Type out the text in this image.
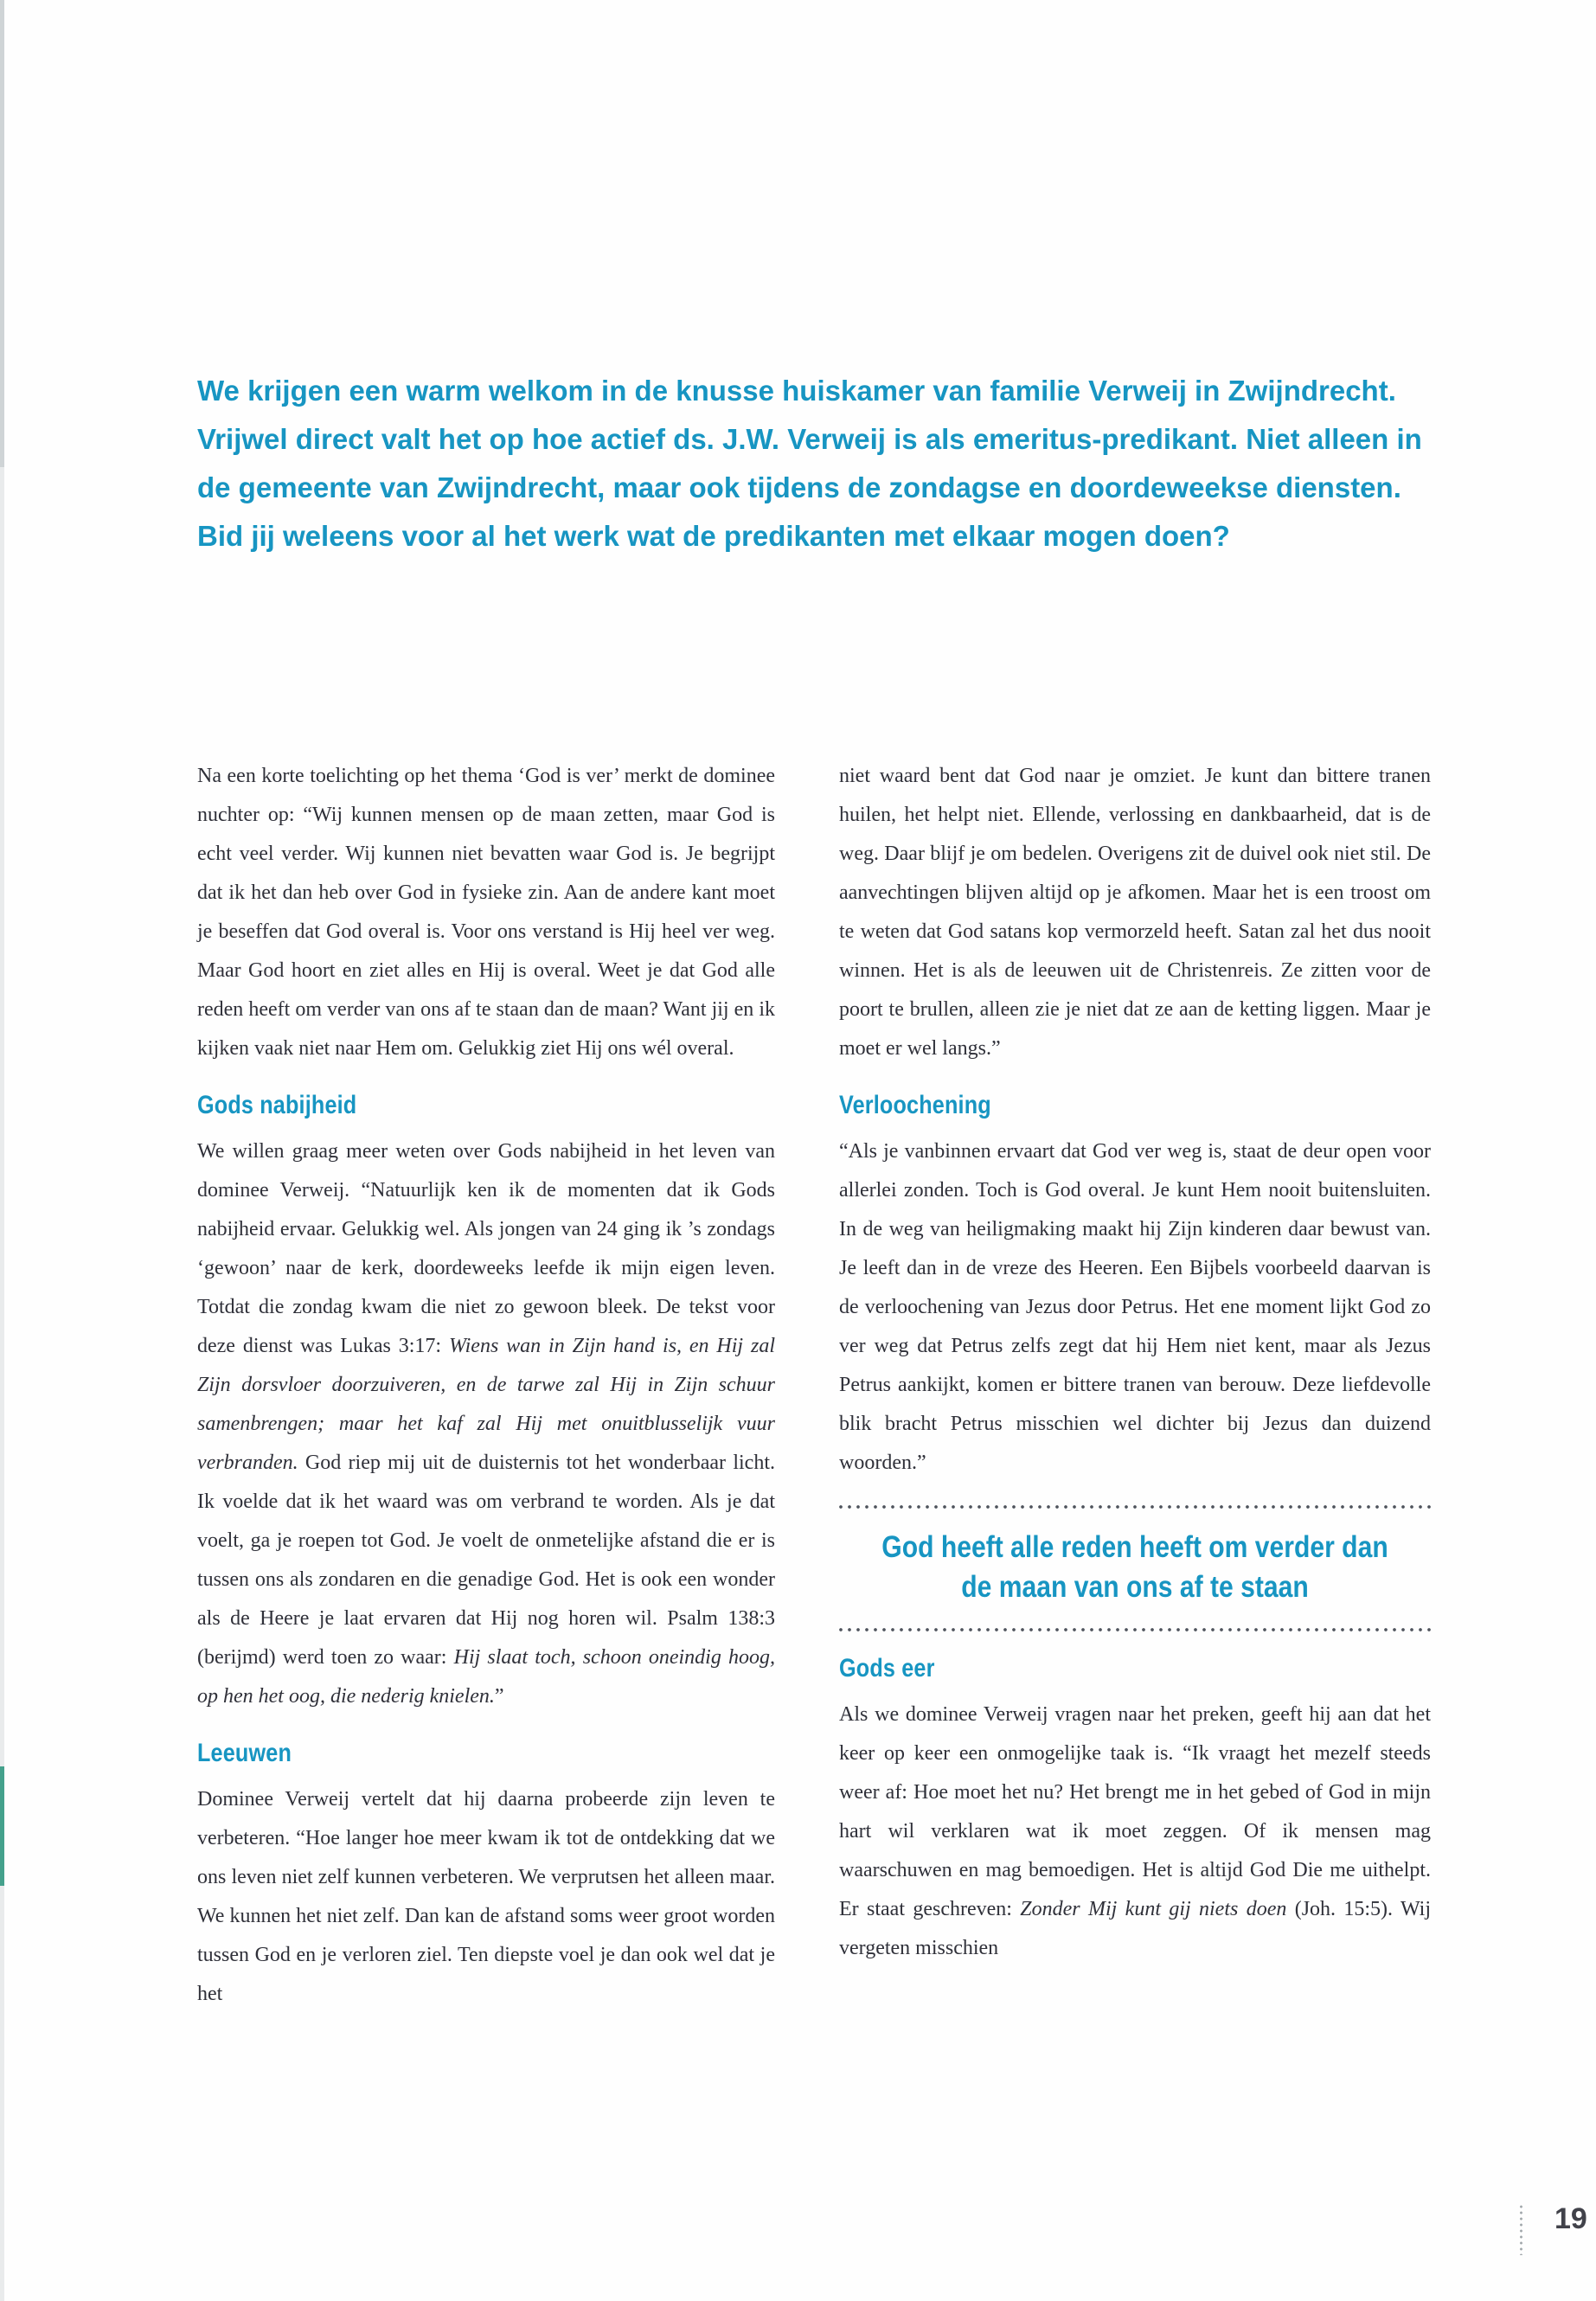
We krijgen een warm welkom in de knusse huiskamer van familie Verweij in Zwijndrecht. Vrijwel direct valt het op hoe actief ds. J.W. Verweij is als emeritus-predikant. Niet alleen in de gemeente van Zwijndrecht, maar ook tijdens de zondagse en doordeweekse diensten. Bid jij weleens voor al het werk wat de predikanten met elkaar mogen doen?

Na een korte toelichting op het thema ‘God is ver’ merkt de dominee nuchter op: “Wij kunnen mensen op de maan zetten, maar God is echt veel verder. Wij kunnen niet bevatten waar God is. Je begrijpt dat ik het dan heb over God in fysieke zin. Aan de andere kant moet je beseffen dat God overal is. Voor ons verstand is Hij heel ver weg. Maar God hoort en ziet alles en Hij is overal. Weet je dat God alle reden heeft om verder van ons af te staan dan de maan? Want jij en ik kijken vaak niet naar Hem om. Gelukkig ziet Hij ons wél overal.

Gods nabijheid

We willen graag meer weten over Gods nabijheid in het leven van dominee Verweij. “Natuurlijk ken ik de momenten dat ik Gods nabijheid ervaar. Gelukkig wel. Als jongen van 24 ging ik ’s zondags ‘gewoon’ naar de kerk, doordeweeks leefde ik mijn eigen leven. Totdat die zondag kwam die niet zo gewoon bleek. De tekst voor deze dienst was Lukas 3:17: Wiens wan in Zijn hand is, en Hij zal Zijn dorsvloer doorzuiveren, en de tarwe zal Hij in Zijn schuur samenbrengen; maar het kaf zal Hij met onuitblusselijk vuur verbranden. God riep mij uit de duisternis tot het wonderbaar licht. Ik voelde dat ik het waard was om verbrand te worden. Als je dat voelt, ga je roepen tot God. Je voelt de onmetelijke afstand die er is tussen ons als zondaren en die genadige God. Het is ook een wonder als de Heere je laat ervaren dat Hij nog horen wil. Psalm 138:3 (berijmd) werd toen zo waar: Hij slaat toch, schoon oneindig hoog, op hen het oog, die nederig knielen.”

Leeuwen

Dominee Verweij vertelt dat hij daarna probeerde zijn leven te verbeteren. “Hoe langer hoe meer kwam ik tot de ontdekking dat we ons leven niet zelf kunnen verbeteren. We verprutsen het alleen maar. We kunnen het niet zelf. Dan kan de afstand soms weer groot worden tussen God en je verloren ziel. Ten diepste voel je dan ook wel dat je het

niet waard bent dat God naar je omziet. Je kunt dan bittere tranen huilen, het helpt niet. Ellende, verlossing en dankbaarheid, dat is de weg. Daar blijf je om bedelen. Overigens zit de duivel ook niet stil. De aanvechtingen blijven altijd op je afkomen. Maar het is een troost om te weten dat God satans kop vermorzeld heeft. Satan zal het dus nooit winnen. Het is als de leeuwen uit de Christenreis. Ze zitten voor de poort te brullen, alleen zie je niet dat ze aan de ketting liggen. Maar je moet er wel langs.”

Verloochening

“Als je vanbinnen ervaart dat God ver weg is, staat de deur open voor allerlei zonden. Toch is God overal. Je kunt Hem nooit buitensluiten. In de weg van heiligmaking maakt hij Zijn kinderen daar bewust van. Je leeft dan in de vreze des Heeren. Een Bijbels voorbeeld daarvan is de verloochening van Jezus door Petrus. Het ene moment lijkt God zo ver weg dat Petrus zelfs zegt dat hij Hem niet kent, maar als Jezus Petrus aankijkt, komen er bittere tranen van berouw. Deze liefdevolle blik bracht Petrus misschien wel dichter bij Jezus dan duizend woorden.”

God heeft alle reden heeft om verder dan de maan van ons af te staan
Gods eer

Als we dominee Verweij vragen naar het preken, geeft hij aan dat het keer op keer een onmogelijke taak is. “Ik vraagt het mezelf steeds weer af: Hoe moet het nu? Het brengt me in het gebed of God in mijn hart wil verklaren wat ik moet zeggen. Of ik mensen mag waarschuwen en mag bemoedigen. Het is altijd God Die me uithelpt. Er staat geschreven: Zonder Mij kunt gij niets doen (Joh. 15:5). Wij vergeten misschien

19
